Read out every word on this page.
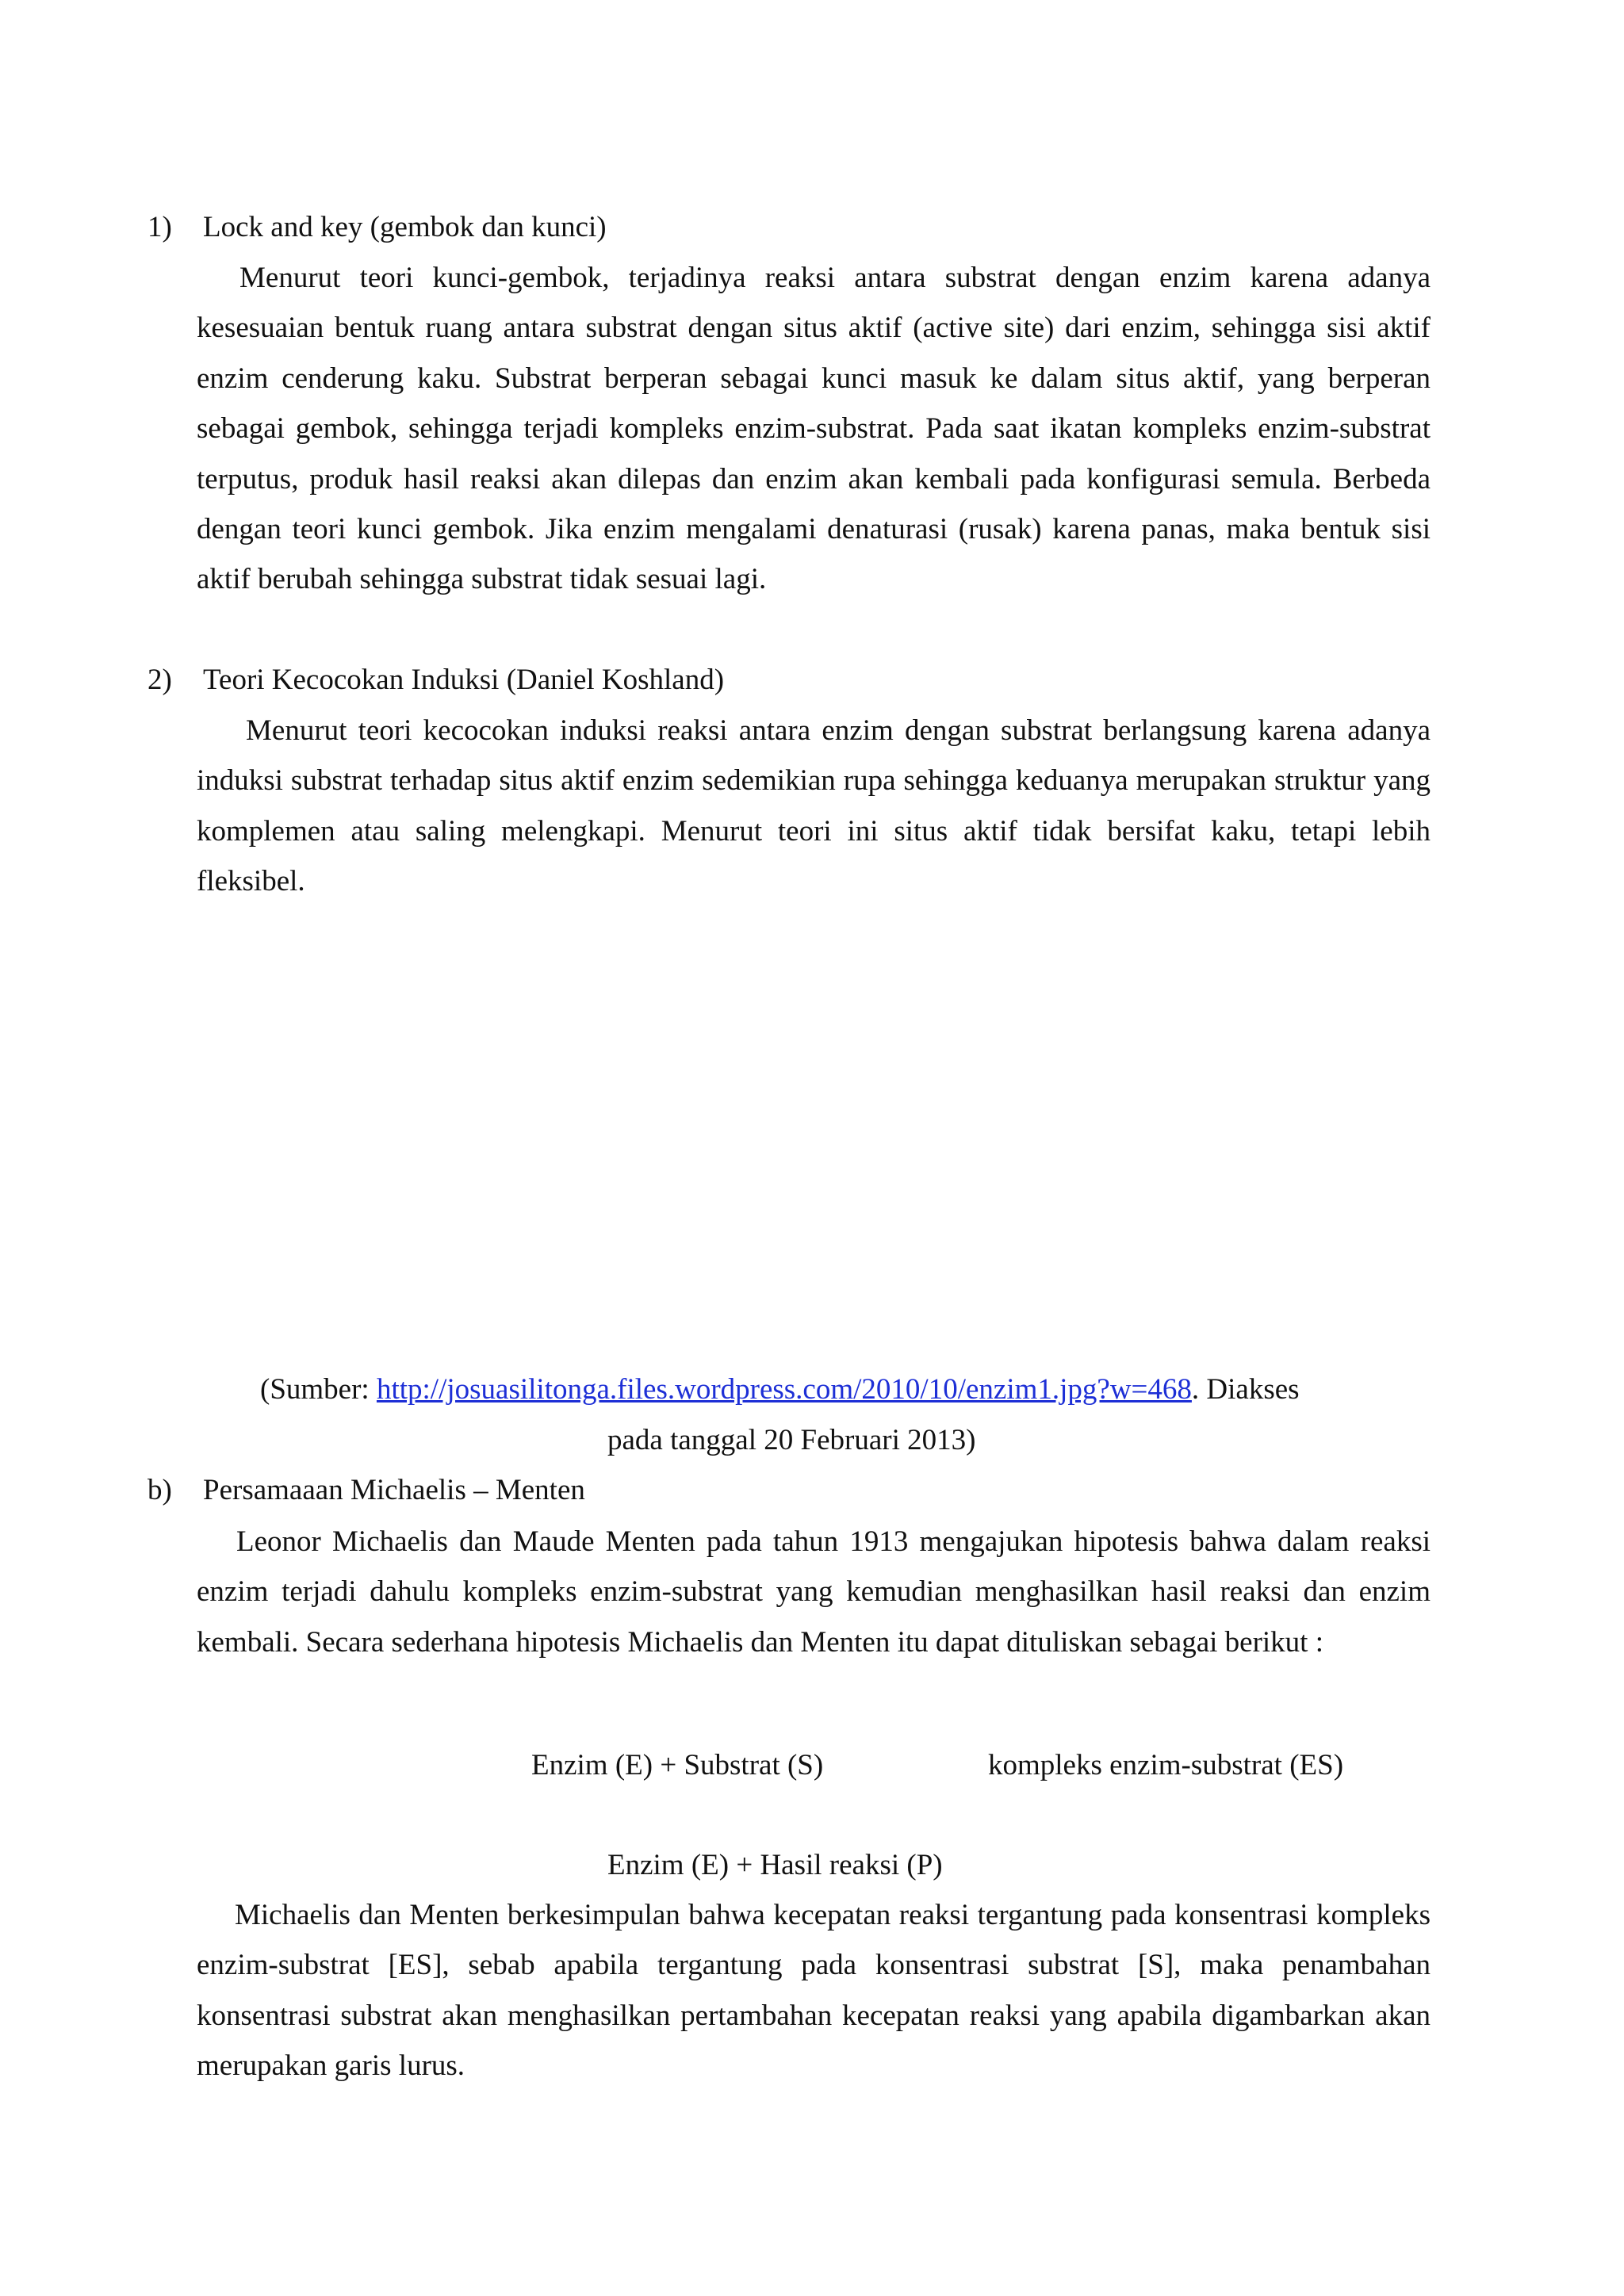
1) Lock and key (gembok dan kunci)
Menurut teori kunci-gembok, terjadinya reaksi antara substrat dengan enzim karena adanya kesesuaian bentuk ruang antara substrat dengan situs aktif (active site) dari enzim, sehingga sisi aktif enzim cenderung kaku. Substrat berperan sebagai kunci masuk ke dalam situs aktif, yang berperan sebagai gembok, sehingga terjadi kompleks enzim-substrat. Pada saat ikatan kompleks enzim-substrat terputus, produk hasil reaksi akan dilepas dan enzim akan kembali pada konfigurasi semula. Berbeda dengan teori kunci gembok. Jika enzim mengalami denaturasi (rusak) karena panas, maka bentuk sisi aktif berubah sehingga substrat tidak sesuai lagi.
2) Teori Kecocokan Induksi (Daniel Koshland)
Menurut teori kecocokan induksi reaksi antara enzim dengan substrat berlangsung karena adanya induksi substrat terhadap situs aktif enzim sedemikian rupa sehingga keduanya merupakan struktur yang komplemen atau saling melengkapi. Menurut teori ini situs aktif tidak bersifat kaku, tetapi lebih fleksibel.
(Sumber: http://josuasilitonga.files.wordpress.com/2010/10/enzim1.jpg?w=468. Diakses
pada tanggal 20 Februari 2013)
b) Persamaaan Michaelis – Menten
Leonor Michaelis dan Maude Menten pada tahun 1913 mengajukan hipotesis bahwa dalam reaksi enzim terjadi dahulu kompleks enzim-substrat yang kemudian menghasilkan hasil reaksi dan enzim kembali. Secara sederhana hipotesis Michaelis dan Menten itu dapat dituliskan sebagai berikut :
Enzim (E) + Substrat (S)	kompleks enzim-substrat (ES)
Enzim (E) + Hasil reaksi (P)
Michaelis dan Menten berkesimpulan bahwa kecepatan reaksi tergantung pada konsentrasi kompleks enzim-substrat [ES], sebab apabila tergantung pada konsentrasi substrat [S], maka penambahan konsentrasi substrat akan menghasilkan pertambahan kecepatan reaksi yang apabila digambarkan akan merupakan garis lurus.
